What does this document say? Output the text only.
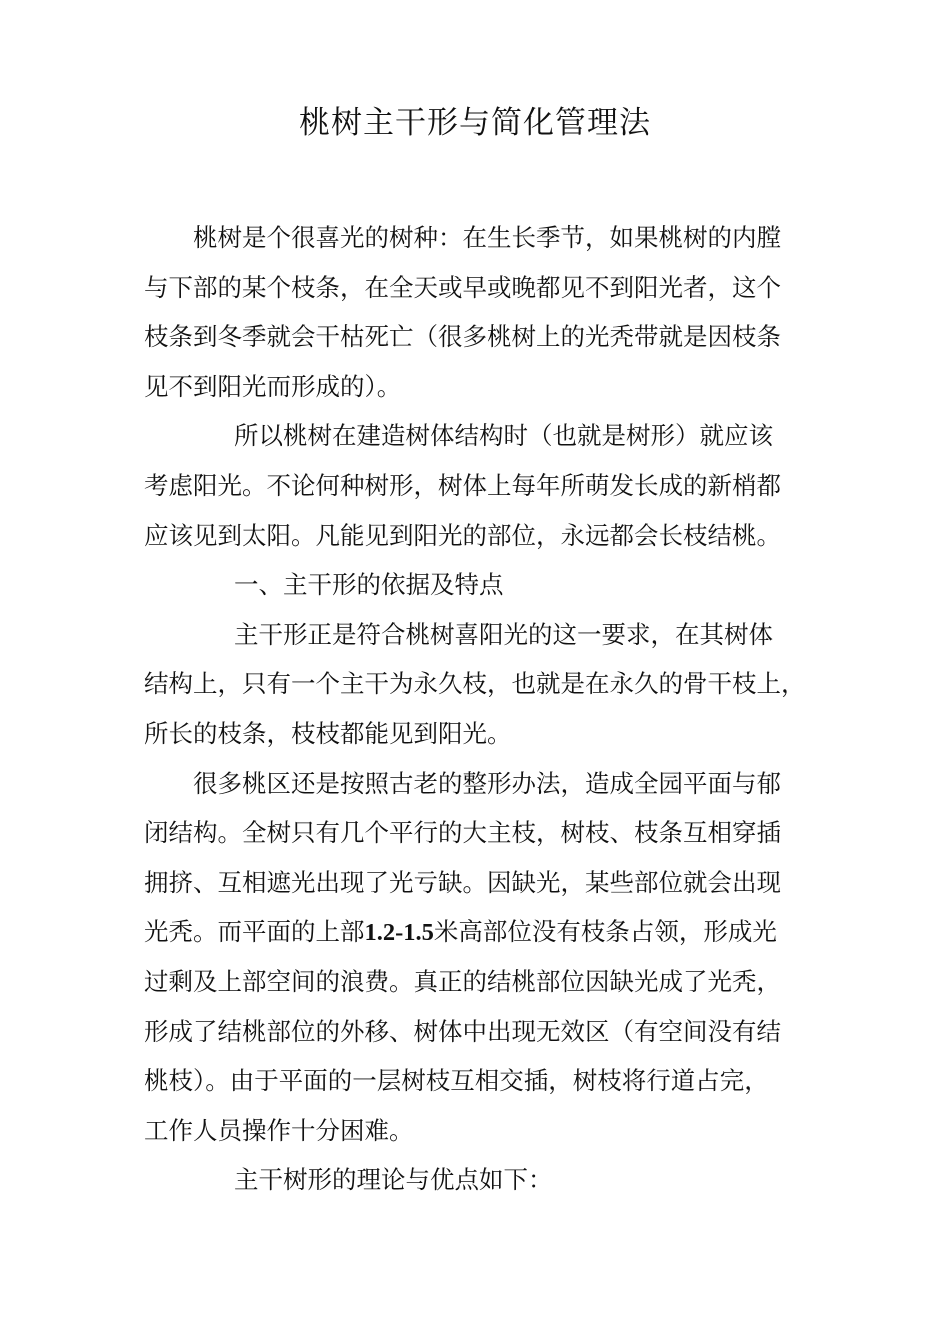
桃树主干形与简化管理法
桃树是个很喜光的树种：在生长季节，如果桃树的内膛
与下部的某个枝条，在全天或早或晚都见不到阳光者，这个
枝条到冬季就会干枯死亡（很多桃树上的光秃带就是因枝条
见不到阳光而形成的）。
所以桃树在建造树体结构时（也就是树形）就应该
考虑阳光。不论何种树形，树体上每年所萌发长成的新梢都
应该见到太阳。凡能见到阳光的部位，永远都会长枝结桃。
一、主干形的依据及特点
主干形正是符合桃树喜阳光的这一要求，在其树体
结构上，只有一个主干为永久枝，也就是在永久的骨干枝上，
所长的枝条，枝枝都能见到阳光。
很多桃区还是按照古老的整形办法，造成全园平面与郁
闭结构。全树只有几个平行的大主枝，树枝、枝条互相穿插
拥挤、互相遮光出现了光亏缺。因缺光，某些部位就会出现
光秃。而平面的上部1.2-1.5米高部位没有枝条占领，形成光
过剩及上部空间的浪费。真正的结桃部位因缺光成了光秃，
形成了结桃部位的外移、树体中出现无效区（有空间没有结
桃枝）。由于平面的一层树枝互相交插，树枝将行道占完，
工作人员操作十分困难。
主干树形的理论与优点如下：
